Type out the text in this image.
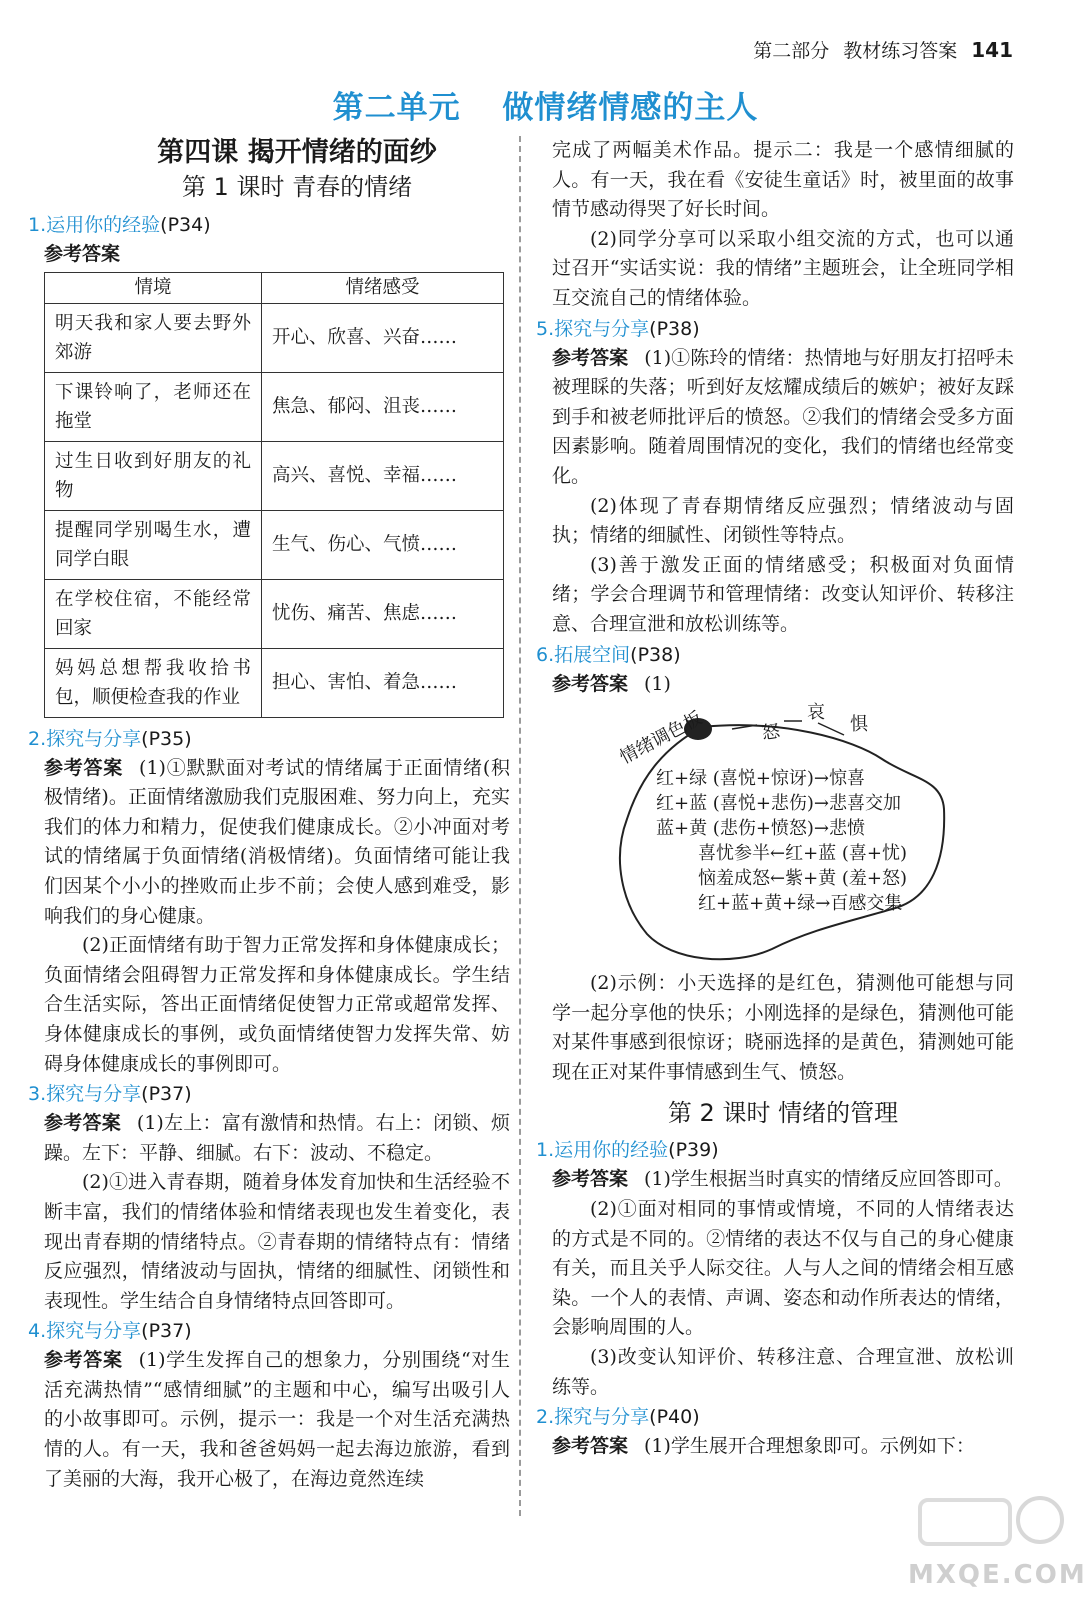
第二部分 教材练习答案 141
第二单元 做情绪情感的主人
第四课 揭开情绪的面纱
第 1 课时 青春的情绪
1.运用你的经验(P34)
参考答案
情境	情绪感受
明天我和家人要去野外郊游	开心、欣喜、兴奋……
下课铃响了，老师还在拖堂	焦急、郁闷、沮丧……
过生日收到好朋友的礼物	高兴、喜悦、幸福……
提醒同学别喝生水，遭同学白眼	生气、伤心、气愤……
在学校住宿，不能经常回家	忧伤、痛苦、焦虑……
妈妈总想帮我收拾书包，顺便检查我的作业	担心、害怕、着急……
2.探究与分享(P35)

参考答案 (1)①默默面对考试的情绪属于正面情绪(积极情绪)。正面情绪激励我们克服困难、努力向上，充实我们的体力和精力，促使我们健康成长。②小冲面对考试的情绪属于负面情绪(消极情绪)。负面情绪可能让我们因某个小小的挫败而止步不前；会使人感到难受，影响我们的身心健康。

(2)正面情绪有助于智力正常发挥和身体健康成长；负面情绪会阻碍智力正常发挥和身体健康成长。学生结合生活实际，答出正面情绪促使智力正常或超常发挥、身体健康成长的事例，或负面情绪使智力发挥失常、妨碍身体健康成长的事例即可。

3.探究与分享(P37)

参考答案 (1)左上：富有激情和热情。右上：闭锁、烦躁。左下：平静、细腻。右下：波动、不稳定。

(2)①进入青春期，随着身体发育加快和生活经验不断丰富，我们的情绪体验和情绪表现也发生着变化，表现出青春期的情绪特点。②青春期的情绪特点有：情绪反应强烈，情绪波动与固执，情绪的细腻性、闭锁性和表现性。学生结合自身情绪特点回答即可。

4.探究与分享(P37)

参考答案 (1)学生发挥自己的想象力，分别围绕“对生活充满热情”“感情细腻”的主题和中心，编写出吸引人的小故事即可。示例，提示一：我是一个对生活充满热情的人。有一天，我和爸爸妈妈一起去海边旅游，看到了美丽的大海，我开心极了，在海边竟然连续

完成了两幅美术作品。提示二：我是一个感情细腻的人。有一天，我在看《安徒生童话》时，被里面的故事情节感动得哭了好长时间。

(2)同学分享可以采取小组交流的方式，也可以通过召开“实话实说：我的情绪”主题班会，让全班同学相互交流自己的情绪体验。

5.探究与分享(P38)

参考答案 (1)①陈玲的情绪：热情地与好朋友打招呼未被理睬的失落；听到好友炫耀成绩后的嫉妒；被好友踩到手和被老师批评后的愤怒。②我们的情绪会受多方面因素影响。随着周围情况的变化，我们的情绪也经常变化。

(2)体现了青春期情绪反应强烈；情绪波动与固执；情绪的细腻性、闭锁性等特点。

(3)善于激发正面的情绪感受；积极面对负面情绪；学会合理调节和管理情绪：改变认知评价、转移注意、合理宣泄和放松训练等。

6.拓展空间(P38)

参考答案 (1)

情绪调色板	怒
哀
惧
红+绿 (喜悦+惊讶)→惊喜
红+蓝 (喜悦+悲伤)→悲喜交加
蓝+黄 (悲伤+愤怒)→悲愤
喜忧参半←红+蓝 (喜+忧)
恼羞成怒←紫+黄 (羞+怒)
红+蓝+黄+绿→百感交集

(2)示例：小天选择的是红色，猜测他可能想与同学一起分享他的快乐；小刚选择的是绿色，猜测他可能对某件事感到很惊讶；晓丽选择的是黄色，猜测她可能现在正对某件事情感到生气、愤怒。

第 2 课时 情绪的管理
1.运用你的经验(P39)

参考答案 (1)学生根据当时真实的情绪反应回答即可。

(2)①面对相同的事情或情境，不同的人情绪表达的方式是不同的。②情绪的表达不仅与自己的身心健康有关，而且关乎人际交往。人与人之间的情绪会相互感染。一个人的表情、声调、姿态和动作所表达的情绪，会影响周围的人。

(3)改变认知评价、转移注意、合理宣泄、放松训练等。

2.探究与分享(P40)

参考答案 (1)学生展开合理想象即可。示例如下：

MXQE.COM
